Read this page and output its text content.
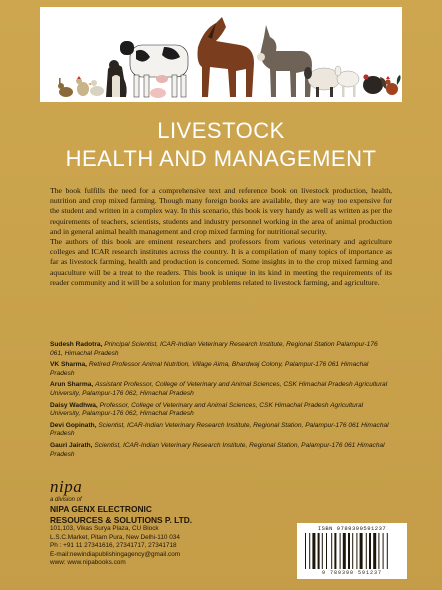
LIVESTOCK
HEALTH AND MANAGEMENT

The book fulfills the need for a comprehensive text and reference book on livestock production, health, nutrition and crop mixed farming. Though many foreign books are available, they are way too expensive for the student and written in a complex way. In this scenario, this book is very handy as well as written as per the requirements of teachers, scientists, students and industry personnel working in the area of animal production and in general animal health management and crop mixed farming for nutritional security.

The authors of this book are eminent researchers and professors from various veterinary and agriculture colleges and ICAR research institutes across the country. It is a compilation of many topics of importance as far as livestock farming, health and production is concerned. Some insights in to the crop mixed farming and aquaculture will be a treat to the readers. This book is unique in its kind in meeting the requirements of its reader community and it will be a solution for many problems related to livestock farming, and agriculture.

Sudesh Radotra, Principal Scientist, ICAR-Indian Veterinary Research Institute, Regional Station Palampur-176 061, Himachal Pradesh
VK Sharma, Retired Professor Animal Nutrition, Village Aima, Bhardwaj Colony, Palampur-176 061 Himachal Pradesh
Arun Sharma, Assistant Professor, College of Veterinary and Animal Sciences, CSK Himachal Pradesh Agricultural University, Palampur-176 062, Himachal Pradesh
Daisy Wadhwa, Professor, College of Veterinary and Animal Sciences, CSK Himachal Pradesh Agricultural University, Palampur-176 062, Himachal Pradesh
Devi Gopinath, Scientist, ICAR-Indian Veterinary Research Institute, Regional Station, Palampur-176 061 Himachal Pradesh
Gauri Jairath, Scientist, ICAR-Indian Veterinary Research Institute, Regional Station, Palampur-176 061 Himachal Pradesh
nipa
a division of
NIPA GENX ELECTRONIC
RESOURCES & SOLUTIONS P. LTD.
101,103, Vikas Surya Plaza, CU Block
L.S.C.Market, Pitam Pura, New Delhi-110 034
Ph : +91 11 27341616, 27341717, 27341718
E-mail:newindiapublishingagency@gmail.com
www: www.nipabooks.com
ISBN 9789390591237
9 789390 591237
